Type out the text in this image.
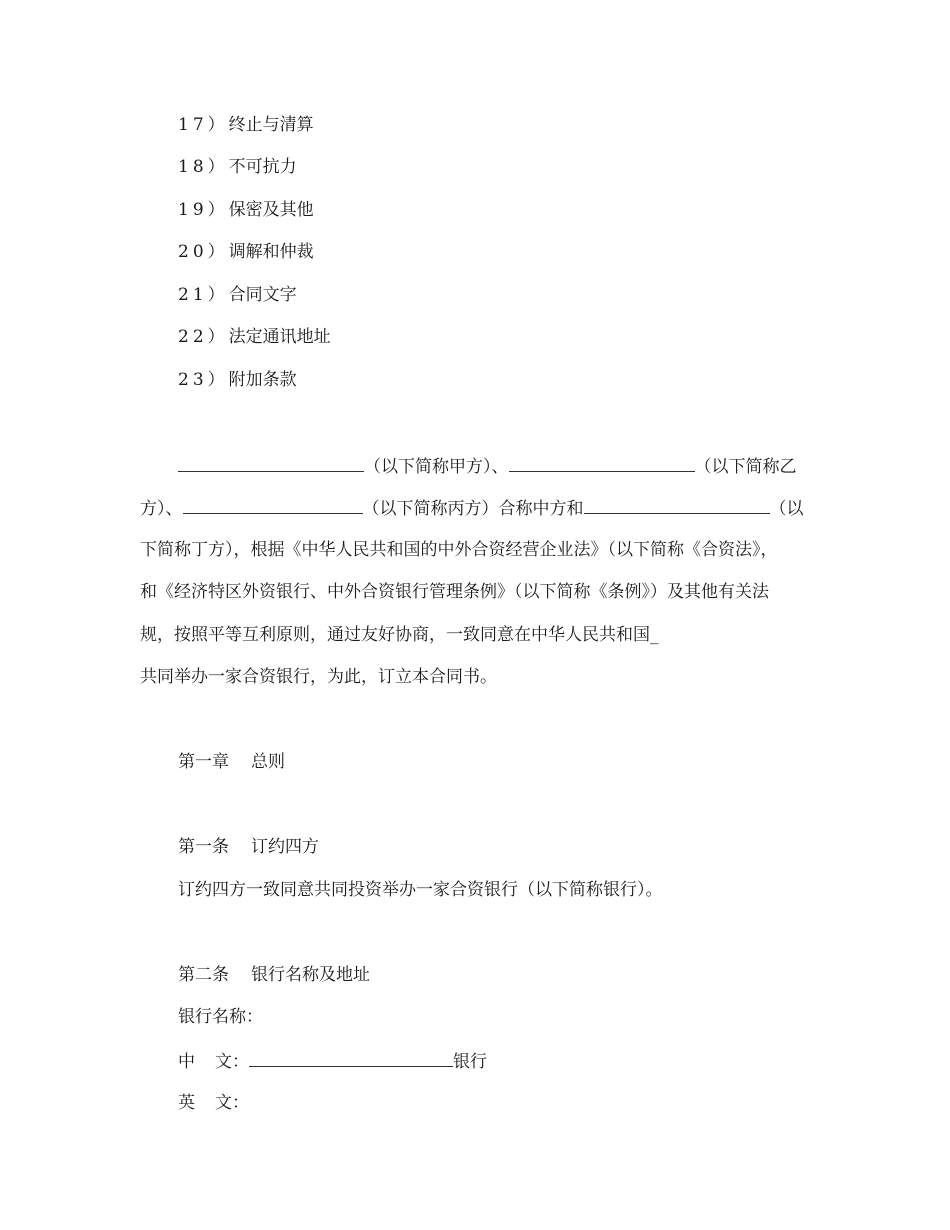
17）终止与清算
18）不可抗力
19）保密及其他
20）调解和仲裁
21）合同文字
22）法定通讯地址
23）附加条款
（以下简称甲方）、	（以下简称乙
方）、	（以下简称丙方）合称中方和	（以
下简称丁方），根据《中华人民共和国的中外合资经营企业法》（以下简称《合资法》，
和《经济特区外资银行、中外合资银行管理条例》（以下简称《条例》）及其他有关法
规，按照平等互利原则，通过友好协商，一致同意在中华人民共和国_
共同举办一家合资银行，为此，订立本合同书。
第一章 总则
第一条 订约四方
订约四方一致同意共同投资举办一家合资银行（以下简称银行）。
第二条 银行名称及地址
银行名称：
中 文：	银行
英 文：
